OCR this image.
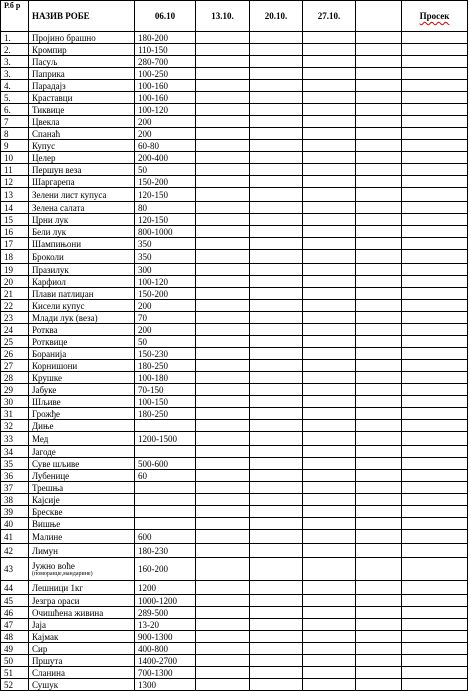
Р.б р	НАЗИВ РОБЕ	06.10	13.10.	20.10.	27.10.		Просек
1.	Пројино брашно	180-200					
2.	Кромпир	110-150					
3.	Пасуљ	280-700					
3.	Паприка	100-250					
4.	Парадајз	100-160					
5.	Краставци	100-160					
6.	Тиквице	100-120					
7	Цвекла	200					
8	Спанаћ	200					
9	Купус	60-80					
10	Целер	200-400					
11	Першун веза	50					
12	Шаргарепа	150-200					
13	Зелени лист купуса	120-150					
14	Зелена салата	80					
15	Црни лук	120-150					
16	Бели лук	800-1000					
17	Шампињони	350					
18	Броколи	350					
19	Празилук	300					
20	Карфиол	100-120					
21	Плави патлиџан	150-200					
22	Кисели купус	200					
23	Млади лук (веза)	70					
24	Ротква	200					
25	Ротквице	50					
26	Боранија	150-230					
27	Корнишони	180-250					
28	Крушке	100-180					
29	Јабуке	70-150					
30	Шљиве	100-150					
31	Грожђе	180-250					
32	Диње						
33	Мед	1200-1500					
34	Јагоде						
35	Суве шљиве	500-600					
36	Лубенице	60					
37	Трешња						
38	Кајсије						
39	Брескве						
40	Вишње						
41	Малине	600					
42	Лимун	180-230					
43	Јужно воће
(поморанџе,мандарине)	160-200					
44	Лешници 1кг	1200					
45	Језгра ораси	1000-1200					
46	Очишћена живина	289-500					
47	Јаја	13-20					
48	Кајмак	900-1300					
49	Сир	400-800					
50	Пршута	1400-2700					
51	Сланина	700-1300					
52	Сушук	1300					
